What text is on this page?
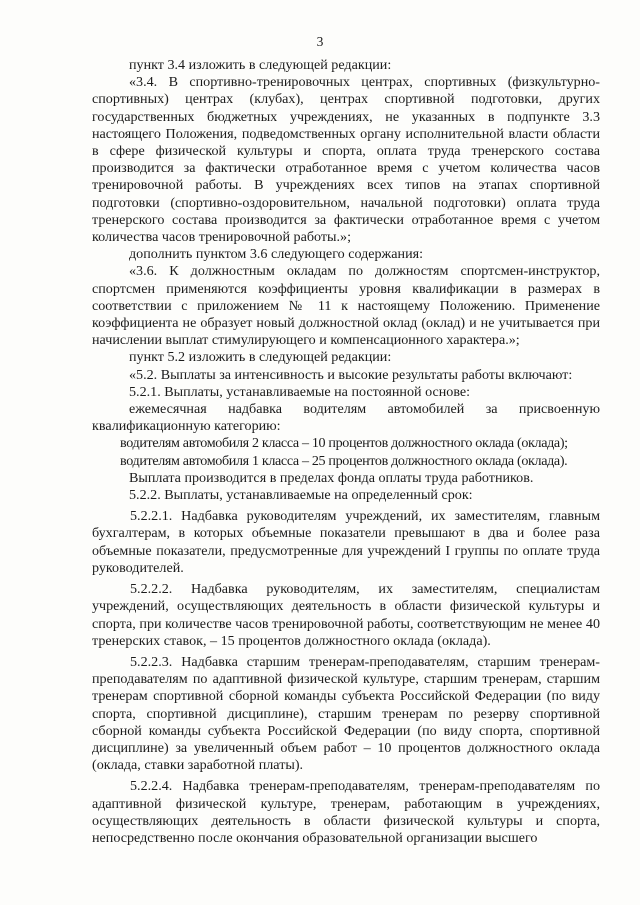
3

пункт 3.4 изложить в следующей редакции:

«3.4. В спортивно-тренировочных центрах, спортивных (физкультурно-спортивных) центрах (клубах), центрах спортивной подготовки, других государственных бюджетных учреждениях, не указанных в подпункте 3.3 настоящего Положения, подведомственных органу исполнительной власти области в сфере физической культуры и спорта, оплата труда тренерского состава производится за фактически отработанное время с учетом количества часов тренировочной работы. В учреждениях всех типов на этапах спортивной подготовки (спортивно-оздоровительном, начальной подготовки) оплата труда тренерского состава производится за фактически отработанное время с учетом количества часов тренировочной работы.»;

дополнить пунктом 3.6 следующего содержания:

«3.6. К должностным окладам по должностям спортсмен-инструктор, спортсмен применяются коэффициенты уровня квалификации в размерах в соответствии с приложением № 11 к настоящему Положению. Применение коэффициента не образует новый должностной оклад (оклад) и не учитывается при начислении выплат стимулирующего и компенсационного характера.»;

пункт 5.2 изложить в следующей редакции:

«5.2. Выплаты за интенсивность и высокие результаты работы включают:

5.2.1. Выплаты, устанавливаемые на постоянной основе:

ежемесячная надбавка водителям автомобилей за присвоенную квалификационную категорию:

водителям автомобиля 2 класса – 10 процентов должностного оклада (оклада);

водителям автомобиля 1 класса – 25 процентов должностного оклада (оклада).

Выплата производится в пределах фонда оплаты труда работников.

5.2.2. Выплаты, устанавливаемые на определенный срок:

5.2.2.1. Надбавка руководителям учреждений, их заместителям, главным бухгалтерам, в которых объемные показатели превышают в два и более раза объемные показатели, предусмотренные для учреждений I группы по оплате труда руководителей.

5.2.2.2. Надбавка руководителям, их заместителям, специалистам учреждений, осуществляющих деятельность в области физической культуры и спорта, при количестве часов тренировочной работы, соответствующим не менее 40 тренерских ставок, – 15 процентов должностного оклада (оклада).

5.2.2.3. Надбавка старшим тренерам-преподавателям, старшим тренерам-преподавателям по адаптивной физической культуре, старшим тренерам, старшим тренерам спортивной сборной команды субъекта Российской Федерации (по виду спорта, спортивной дисциплине), старшим тренерам по резерву спортивной сборной команды субъекта Российской Федерации (по виду спорта, спортивной дисциплине) за увеличенный объем работ – 10 процентов должностного оклада (оклада, ставки заработной платы).

5.2.2.4. Надбавка тренерам-преподавателям, тренерам-преподавателям по адаптивной физической культуре, тренерам, работающим в учреждениях, осуществляющих деятельность в области физической культуры и спорта, непосредственно после окончания образовательной организации высшего
